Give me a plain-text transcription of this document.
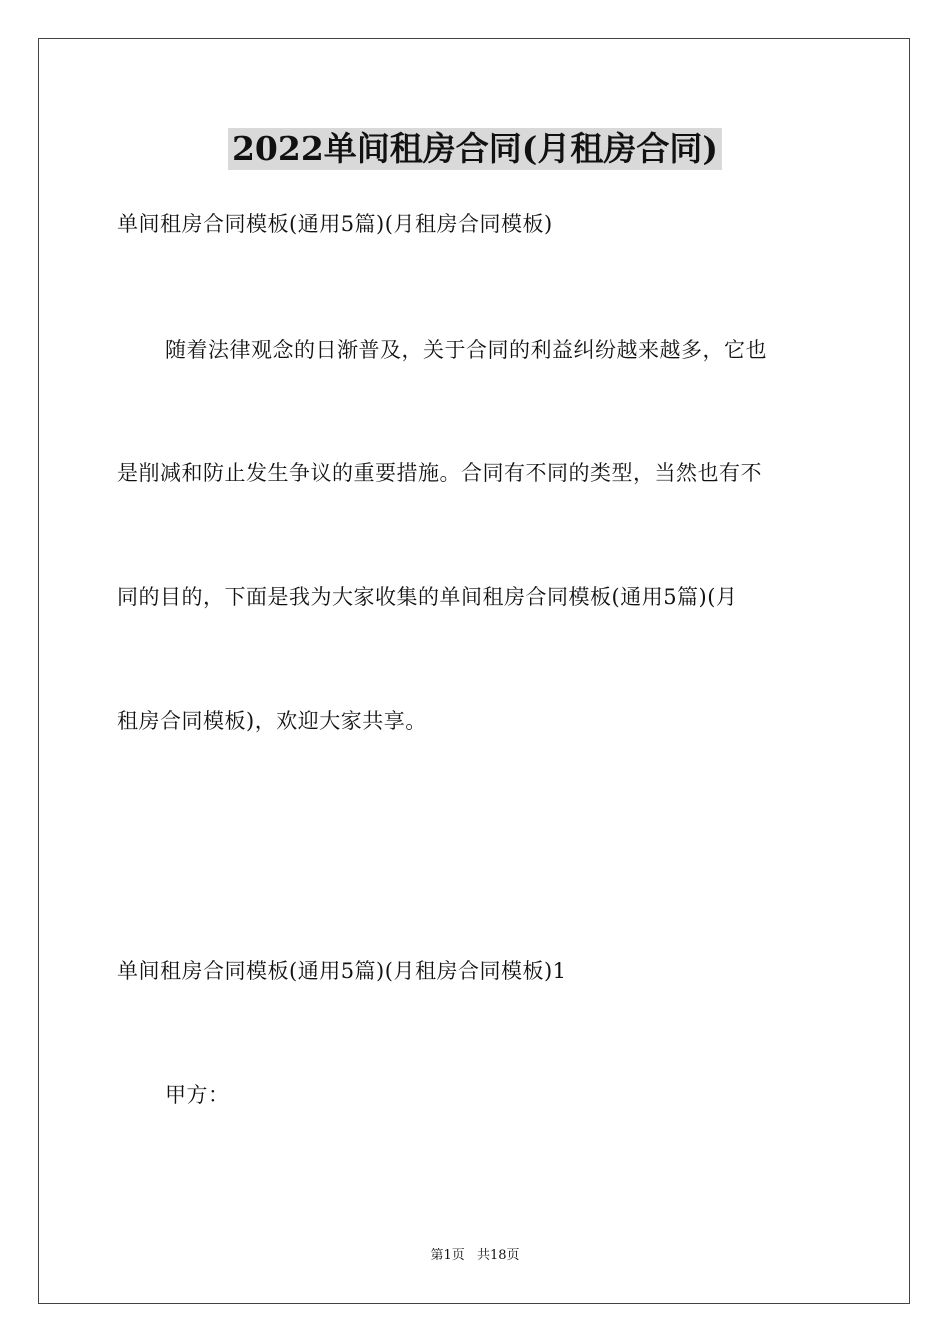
2022单间租房合同(月租房合同)
单间租房合同模板(通用5篇)(月租房合同模板)
随着法律观念的日渐普及，关于合同的利益纠纷越来越多，它也
是削减和防止发生争议的重要措施。合同有不同的类型，当然也有不
同的目的，下面是我为大家收集的单间租房合同模板(通用5篇)(月
租房合同模板)，欢迎大家共享。
单间租房合同模板(通用5篇)(月租房合同模板)1
甲方：
第1页 共18页
